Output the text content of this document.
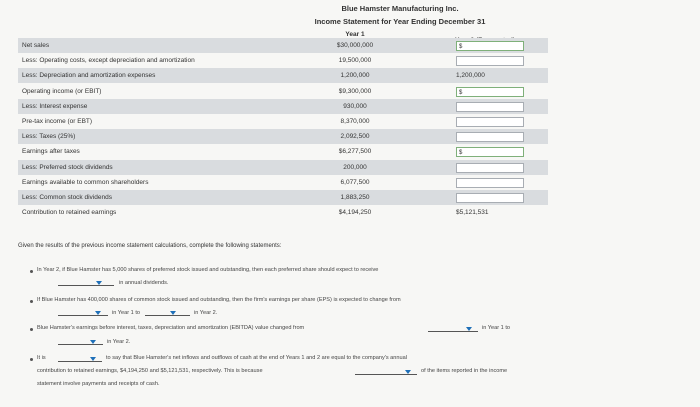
Blue Hamster Manufacturing Inc.
Income Statement for Year Ending December 31
Year 1
Net sales	$30,000,000	$
Less: Operating costs, except depreciation and amortization	19,500,000
Less: Depreciation and amortization expenses	1,200,000	1,200,000
Operating income (or EBIT)	$9,300,000	$
Less: Interest expense	930,000
Pre-tax income (or EBT)	8,370,000
Less: Taxes (25%)	2,092,500
Earnings after taxes	$6,277,500	$
Less: Preferred stock dividends	200,000
Earnings available to common shareholders	6,077,500
Less: Common stock dividends	1,883,250
Contribution to retained earnings	$4,194,250	$5,121,531
Given the results of the previous income statement calculations, complete the following statements:
In Year 2, if Blue Hamster has 5,000 shares of preferred stock issued and outstanding, then each preferred share should expect to receive
in annual dividends.
If Blue Hamster has 400,000 shares of common stock issued and outstanding, then the firm's earnings per share (EPS) is expected to change from
in Year 1 to	in Year 2.
Blue Hamster's earnings before interest, taxes, depreciation and amortization (EBITDA) value changed from	in Year 1 to
in Year 2.
It is	to say that Blue Hamster's net inflows and outflows of cash at the end of Years 1 and 2 are equal to the company's annual
contribution to retained earnings, $4,194,250 and $5,121,531, respectively. This is because	of the items reported in the income
statement involve payments and receipts of cash.
